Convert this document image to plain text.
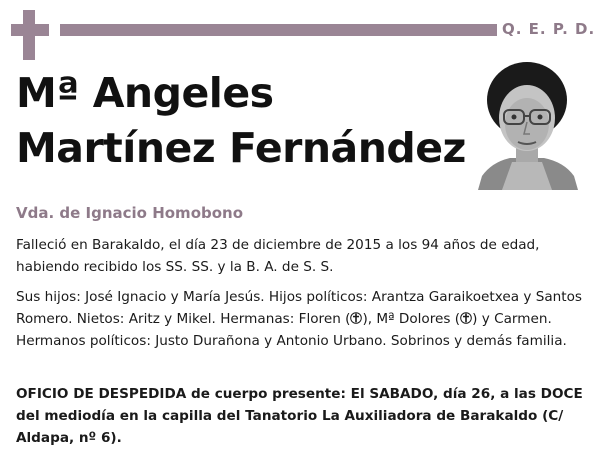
Q. E. P. D.
Mª Angeles
Martínez Fernández
Vda. de Ignacio Homobono
Falleció en Barakaldo, el día 23 de diciembre de 2015 a los 94 años de edad, habiendo recibido los SS. SS. y la B. A. de S. S.
Sus hijos: José Ignacio y María Jesús. Hijos políticos: Arantza Garaikoetxea y Santos Romero. Nietos: Aritz y Mikel. Hermanas: Floren ( ), Mª Dolores ( ) y Carmen. Hermanos políticos: Justo Durañona y Antonio Urbano. Sobrinos y demás familia.
OFICIO DE DESPEDIDA de cuerpo presente: El SABADO, día 26, a las DOCE del mediodía en la capilla del Tanatorio La Auxiliadora de Barakaldo (C/ Aldapa, nº 6).
